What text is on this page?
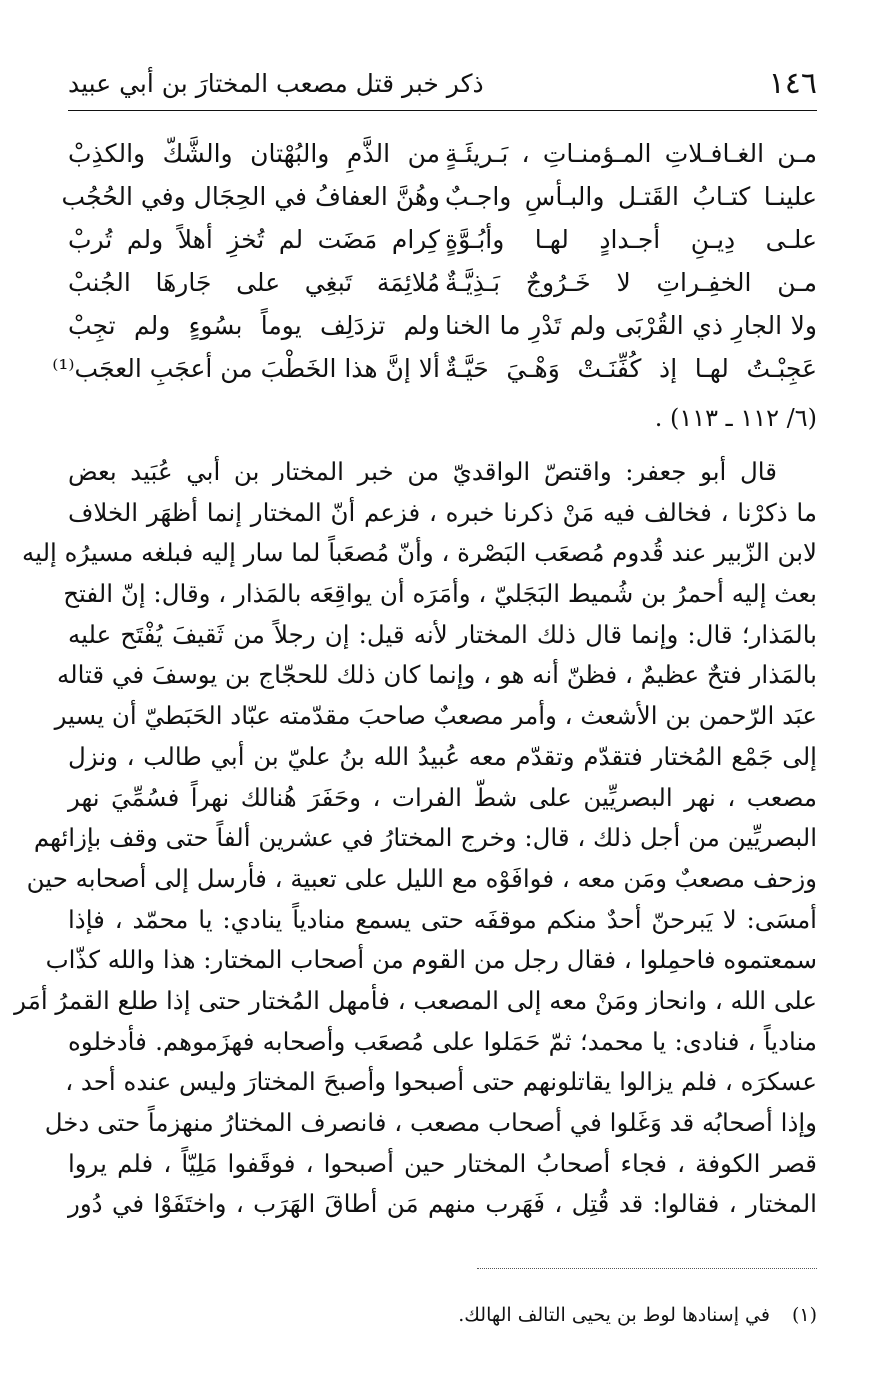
١٤٦
ذكر خبر قتل مصعب المختارَ بن أبي عبيد
مـن الغـافـلاتِ المـؤمنـاتِ ، بَـريئَـةٍ
علينـا كتـابُ القَتـل والبـأسِ واجـبٌ
علـى دِيـنِ أجـدادٍ لهـا وأبُـوَّةٍ
مـن الخفِـراتِ لا خَـرُوجٌ بَـذِيَّـةٌ
ولا الجارِ ذي القُرْبَى ولم تَدْرِ ما الخنا
عَجِبْـتُ لهـا إذ كُفِّنَـتْ وَهْـيَ حَيَّـةٌ
من الذَّمِ والبُهْتان والشَّكّ والكذِبْ
وهُنَّ العفافُ في الحِجَال وفي الحُجُب
كِرام مَضَت لم تُخزِ أهلاً ولم تُربْ
مُلائِمَة تَبغِي على جَارهَا الجُنبْ
ولم تزدَلِف يوماً بسُوءٍ ولم تجِبْ
ألا إنَّ هذا الخَطْبَ من أعجَبِ العجَب⁽¹⁾
(٦/ ١١٢ ـ ١١٣) .
قال أبو جعفر: واقتصّ الواقديّ من خبر المختار بن أبي عُبَيد بعض
ما ذكرْنا ، فخالف فيه مَنْ ذكرنا خبره ، فزعم أنّ المختار إنما أظهَر الخلاف
لابن الزّبير عند قُدوم مُصعَب البَصْرة ، وأنّ مُصعَباً لما سار إليه فبلغه مسيرُه إليه
بعث إليه أحمرُ بن شُميط البَجَليّ ، وأمَرَه أن يواقِعَه بالمَذار ، وقال: إنّ الفتح
بالمَذار؛ قال: وإنما قال ذلك المختار لأنه قيل: إن رجلاً من ثَقيفَ يُفْتَح عليه
بالمَذار فتحٌ عظيمٌ ، فظنّ أنه هو ، وإنما كان ذلك للحجّاج بن يوسفَ في قتاله
عبَد الرّحمن بن الأشعث ، وأمر مصعبٌ صاحبَ مقدّمته عبّاد الحَبَطيّ أن يسير
إلى جَمْع المُختار فتقدّم وتقدّم معه عُبيدُ الله بنُ عليّ بن أبي طالب ، ونزل
مصعب ، نهر البصريِّين على شطّ الفرات ، وحَفَرَ هُنالك نهراً فسُمِّيَ نهر
البصريِّين من أجل ذلك ، قال: وخرج المختارُ في عشرين ألفاً حتى وقف بإزائهم
وزحف مصعبٌ ومَن معه ، فوافَوْه مع الليل على تعبية ، فأرسل إلى أصحابه حين
أمسَى: لا يَبرحنّ أحدٌ منكم موقفَه حتى يسمع منادياً ينادي: يا محمّد ، فإذا
سمعتموه فاحمِلوا ، فقال رجل من القوم من أصحاب المختار: هذا والله كذّاب
على الله ، وانحاز ومَنْ معه إلى المصعب ، فأمهل المُختار حتى إذا طلع القمرُ أمَر
منادياً ، فنادى: يا محمد؛ ثمّ حَمَلوا على مُصعَب وأصحابه فهزَموهم. فأدخلوه
عسكرَه ، فلم يزالوا يقاتلونهم حتى أصبحوا وأصبحَ المختارَ وليس عنده أحد ،
وإذا أصحابُه قد وَغَلوا في أصحاب مصعب ، فانصرف المختارُ منهزماً حتى دخل
قصر الكوفة ، فجاء أصحابُ المختار حين أصبحوا ، فوقَفوا مَلِيّاً ، فلم يروا
المختار ، فقالوا: قد قُتِل ، فَهَرب منهم مَن أطاقَ الهَرَب ، واختَفَوْا في دُور
(١)في إسنادها لوط بن يحيى التالف الهالك.
